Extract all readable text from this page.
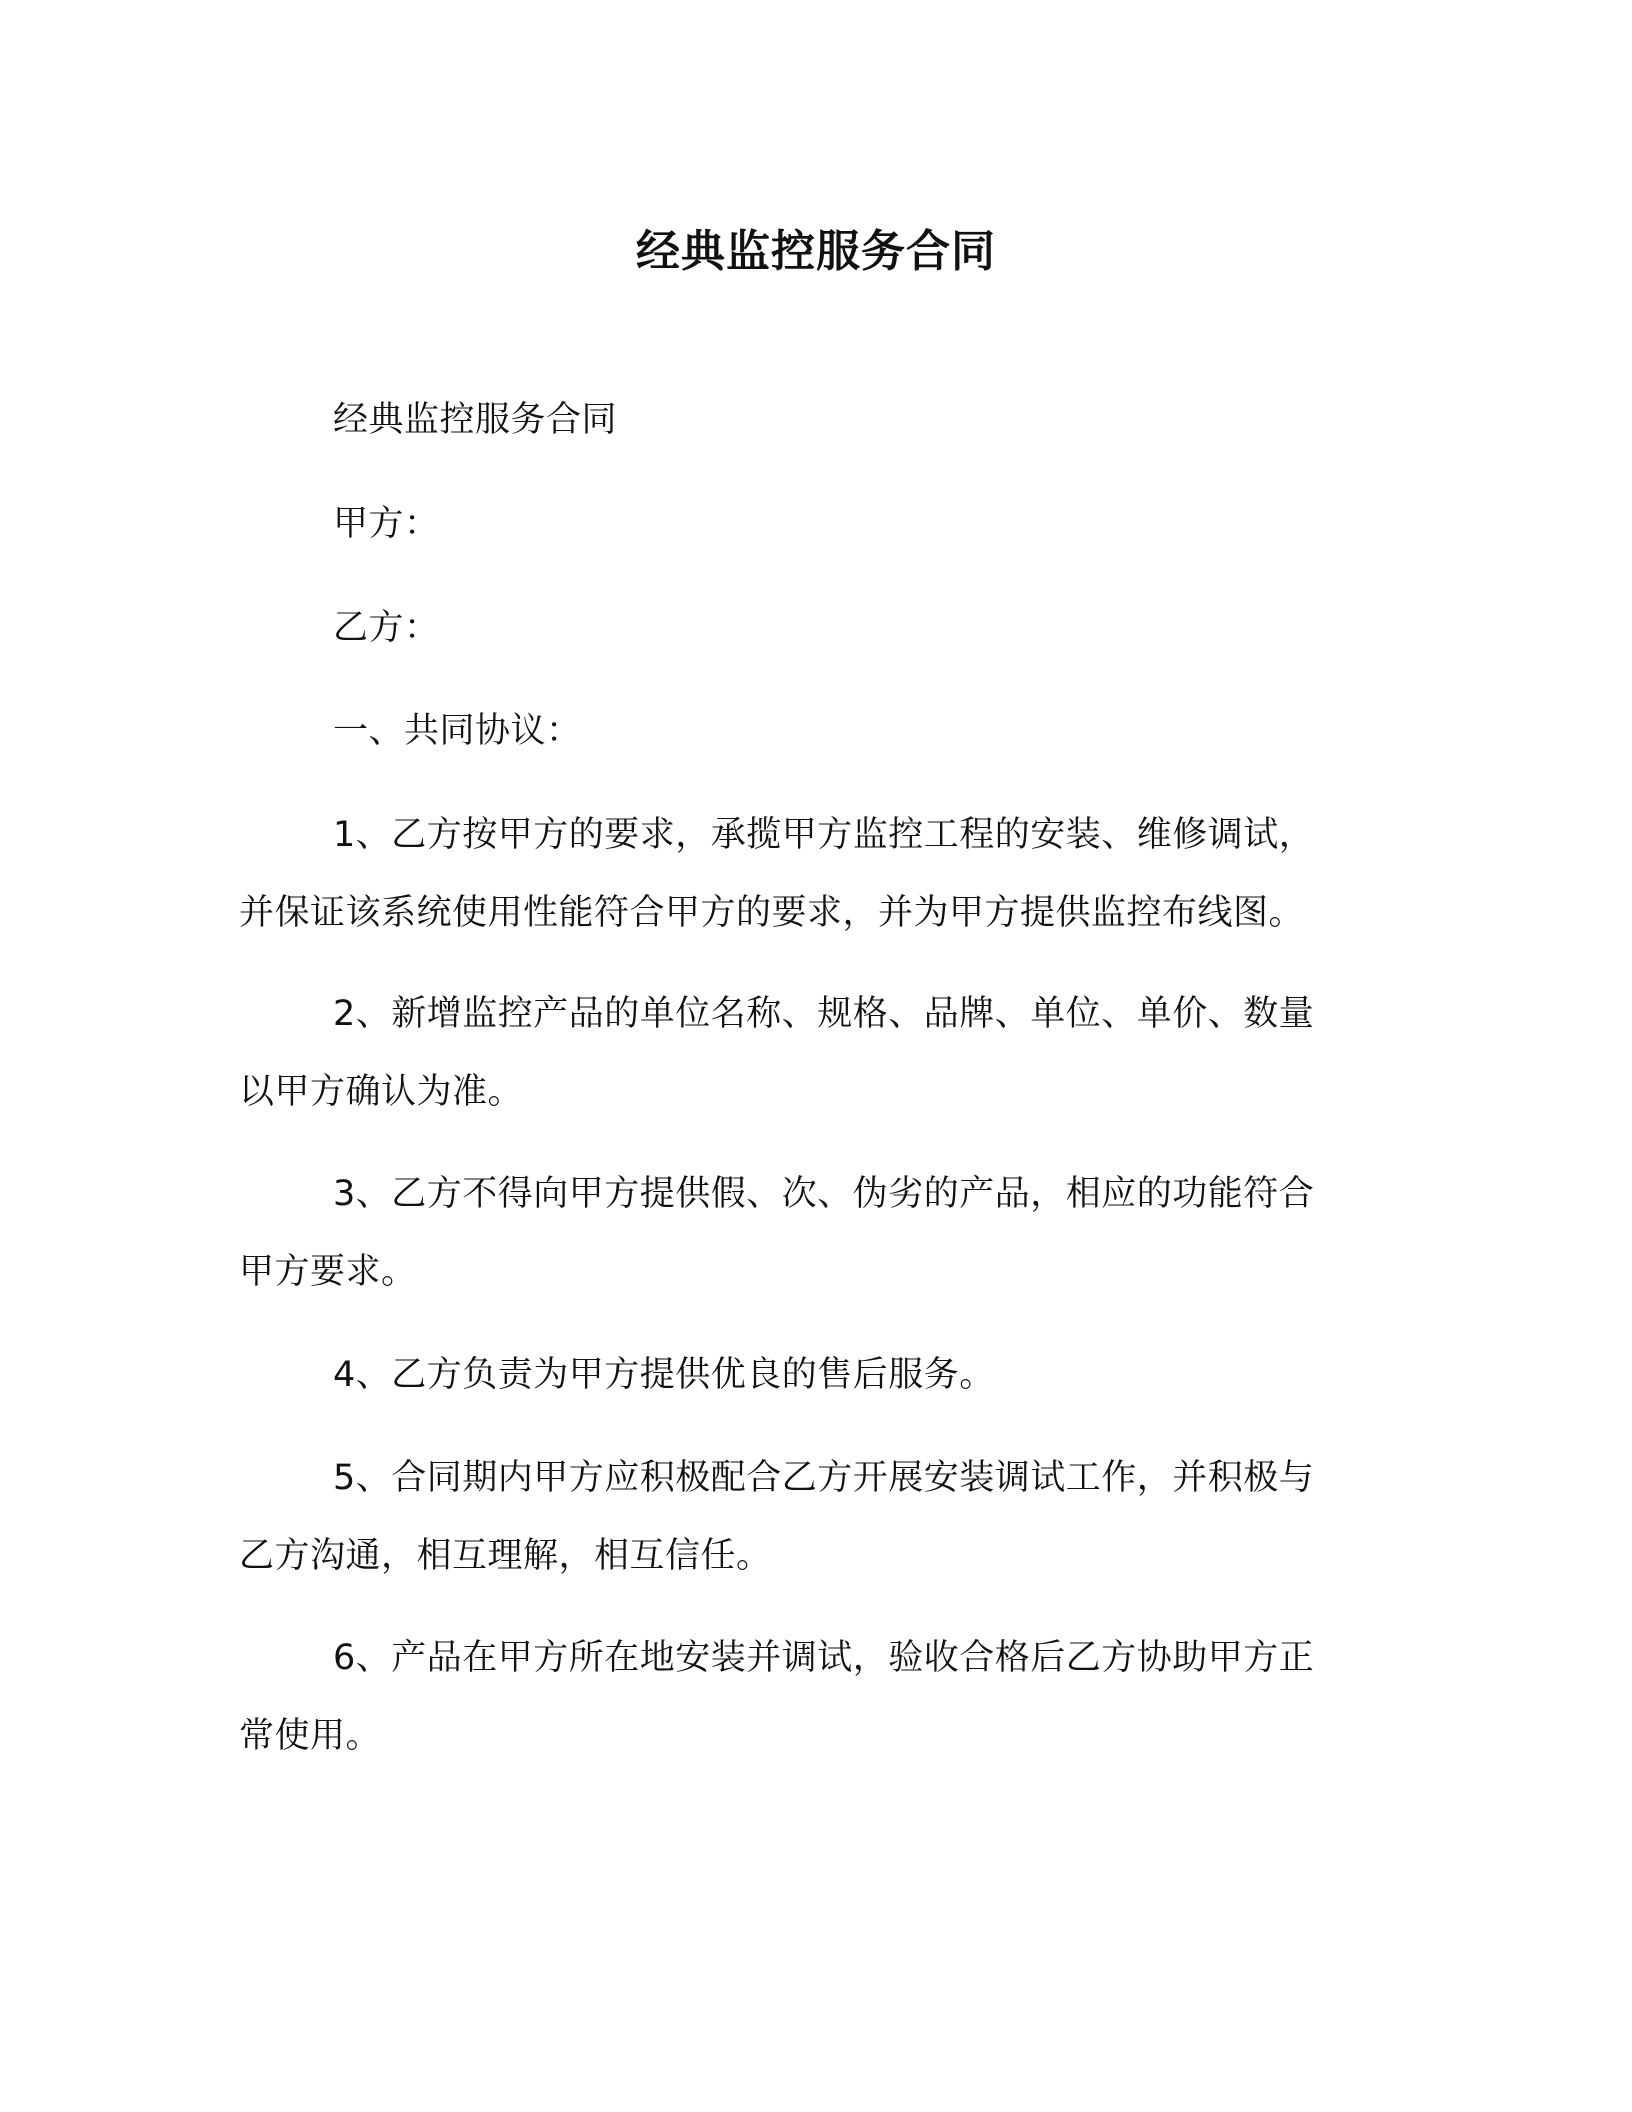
经典监控服务合同
经典监控服务合同
甲方：
乙方：
一、共同协议：
1、乙方按甲方的要求，承揽甲方监控工程的安装、维修调试，
并保证该系统使用性能符合甲方的要求，并为甲方提供监控布线图。
2、新增监控产品的单位名称、规格、品牌、单位、单价、数量
以甲方确认为准。
3、乙方不得向甲方提供假、次、伪劣的产品，相应的功能符合
甲方要求。
4、乙方负责为甲方提供优良的售后服务。
5、合同期内甲方应积极配合乙方开展安装调试工作，并积极与
乙方沟通，相互理解，相互信任。
6、产品在甲方所在地安装并调试，验收合格后乙方协助甲方正
常使用。
